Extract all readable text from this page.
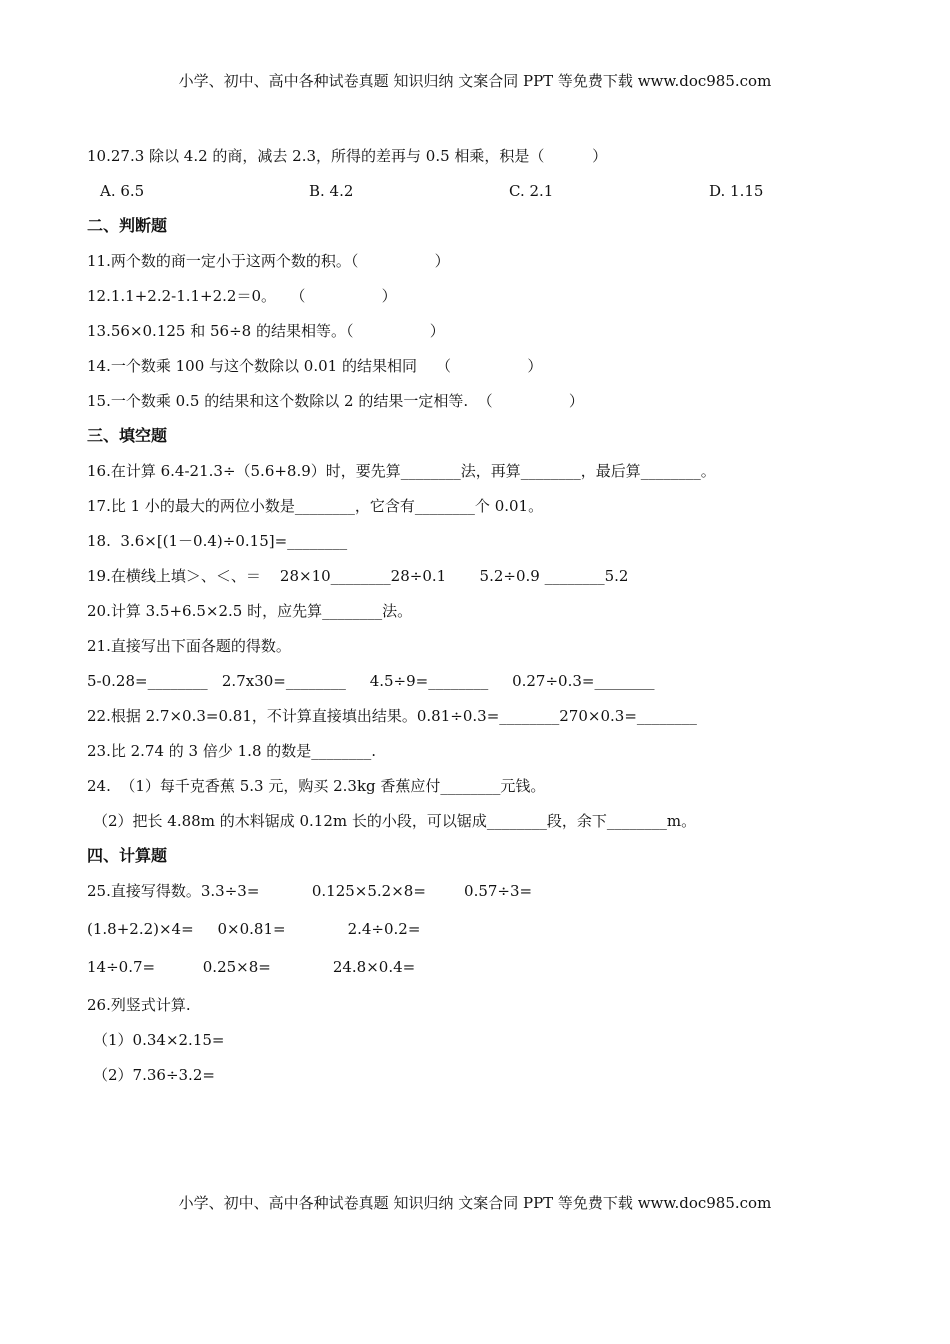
小学、初中、高中各种试卷真题 知识归纳 文案合同 PPT 等免费下载 www.doc985.com
10.27.3 除以 4.2 的商，减去 2.3，所得的差再与 0.5 相乘，积是（          ）
A. 6.5	B. 4.2	C. 2.1	D. 1.15
二、判断题
11.两个数的商一定小于这两个数的积。（                ）
12.1.1+2.2-1.1+2.2＝0。   （                ）
13.56×0.125 和 56÷8 的结果相等。（                ）
14.一个数乘 100 与这个数除以 0.01 的结果相同    （                ）
15.一个数乘 0.5 的结果和这个数除以 2 的结果一定相等.  （                ）
三、填空题
16.在计算 6.4-21.3÷（5.6+8.9）时，要先算________法，再算________，最后算________。
17.比 1 小的最大的两位小数是________，它含有________个 0.01。
18.  3.6×[(1－0.4)÷0.15]=________
19.在横线上填＞、＜、＝    28×10________28÷0.1       5.2÷0.9 ________5.2
20.计算 3.5+6.5×2.5 时，应先算________法。
21.直接写出下面各题的得数。
5-0.28=________   2.7x30=________     4.5÷9=________     0.27÷0.3=________
22.根据 2.7×0.3=0.81，不计算直接填出结果。0.81÷0.3=________270×0.3=________
23.比 2.74 的 3 倍少 1.8 的数是________.
24.  （1）每千克香蕉 5.3 元，购买 2.3kg 香蕉应付________元钱。
（2）把长 4.88m 的木料锯成 0.12m 长的小段，可以锯成________段，余下________m。
四、计算题
25.直接写得数。3.3÷3=           0.125×5.2×8=        0.57÷3=
(1.8+2.2)×4=     0×0.81=             2.4÷0.2=
14÷0.7=          0.25×8=             24.8×0.4=
26.列竖式计算.
（1）0.34×2.15=
（2）7.36÷3.2=
小学、初中、高中各种试卷真题 知识归纳 文案合同 PPT 等免费下载 www.doc985.com
